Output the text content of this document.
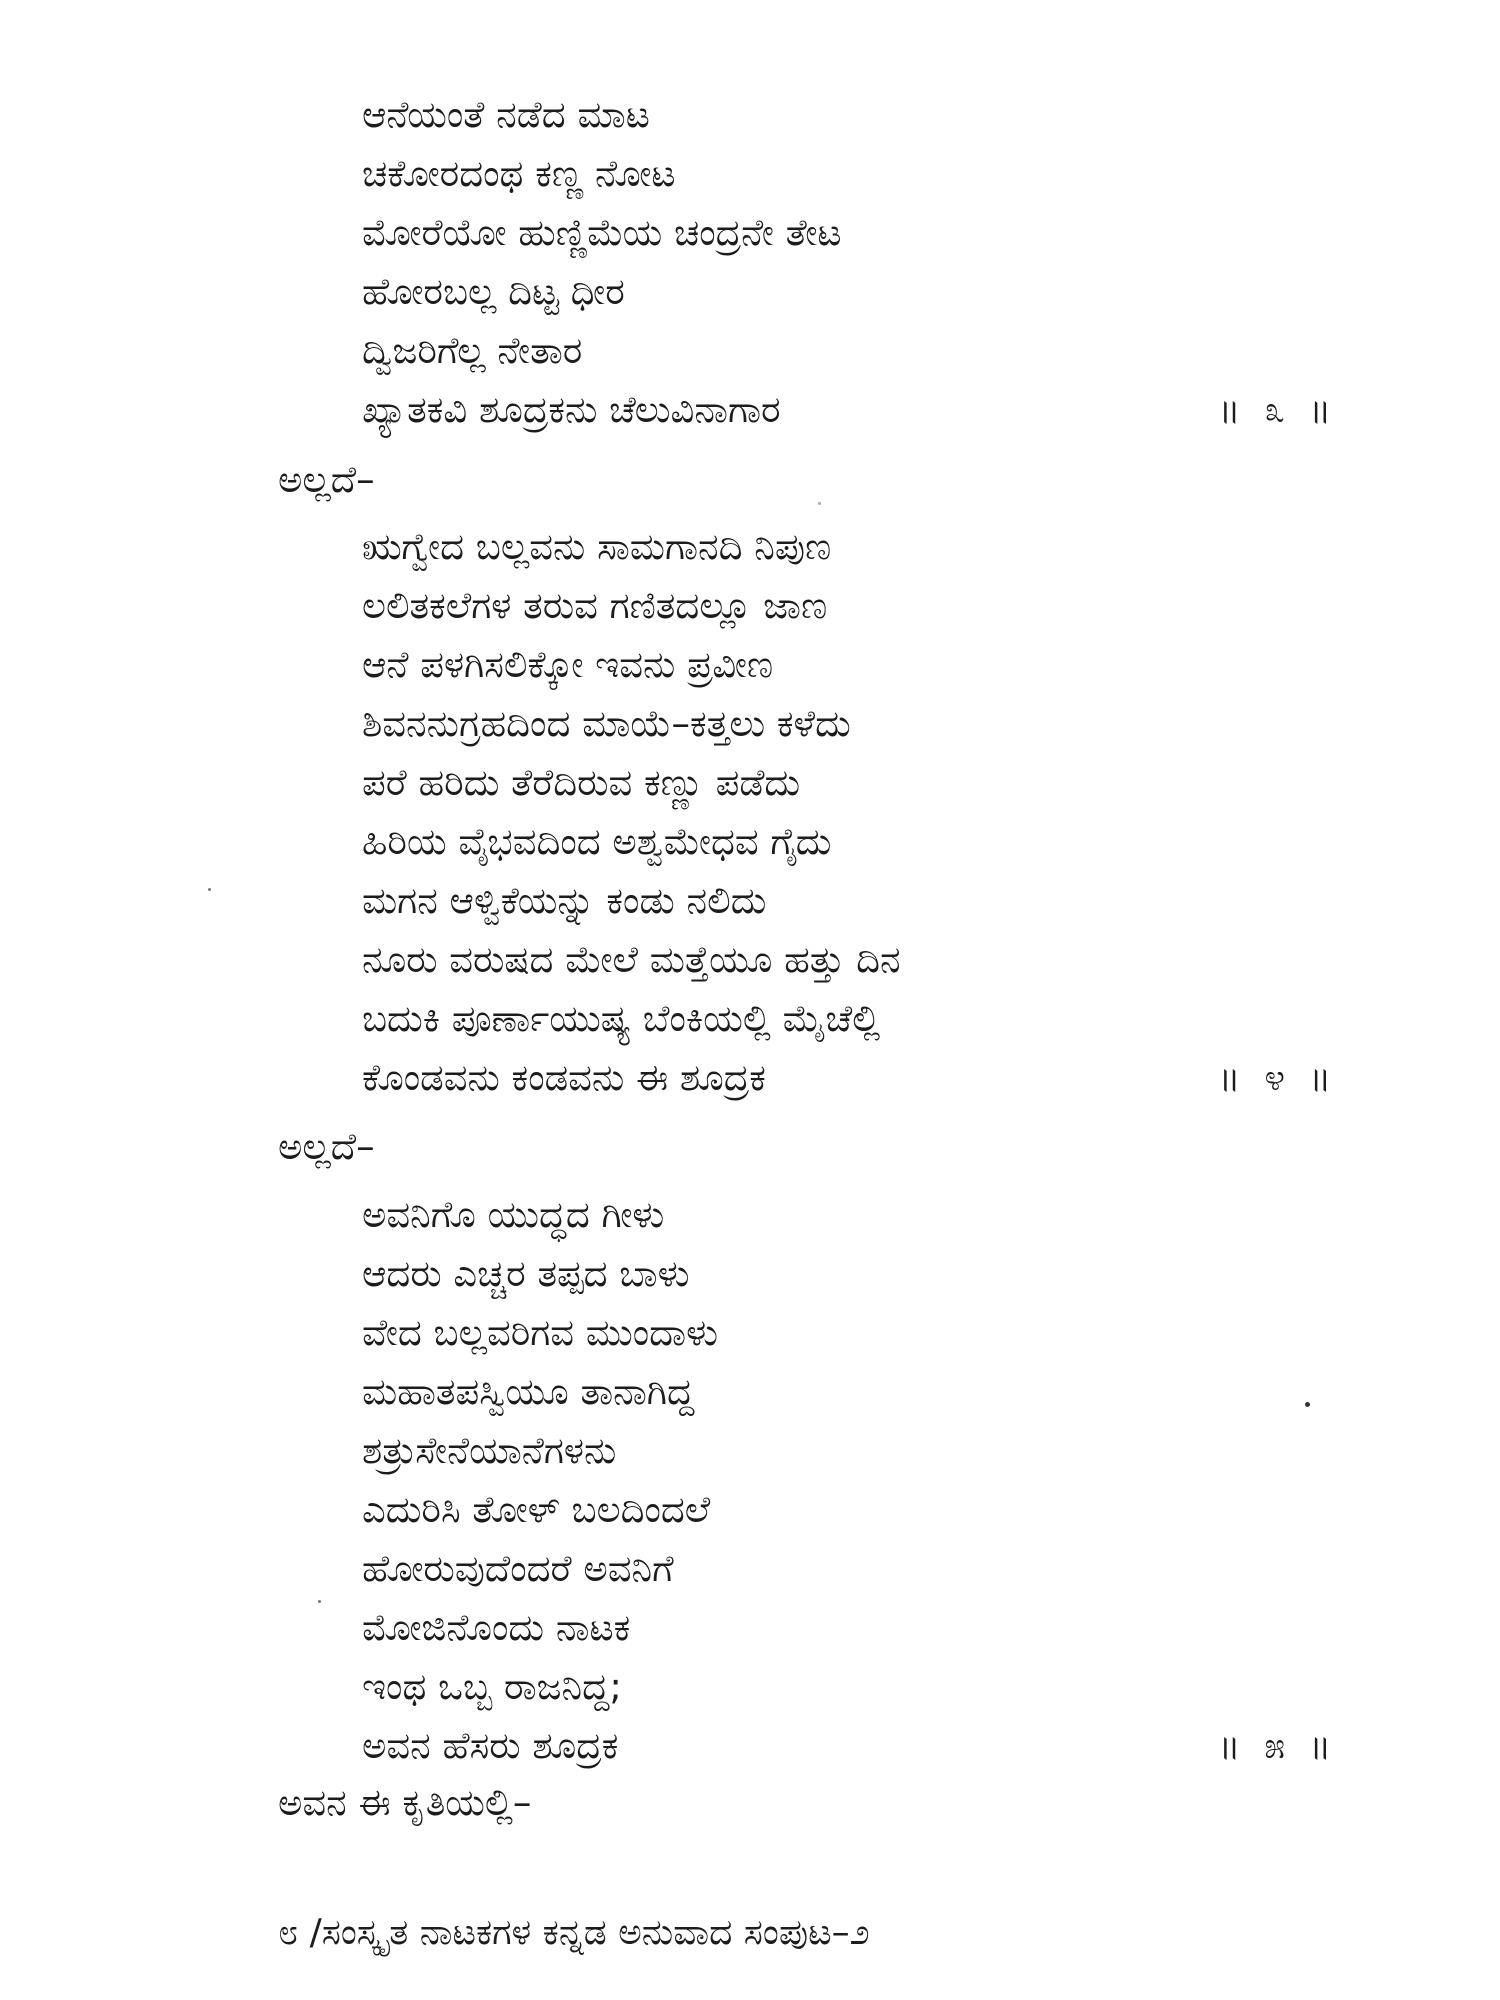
ಆನೆಯಂತೆ ನಡೆದ ಮಾಟ
ಚಕೋರದಂಥ ಕಣ್ಣ ನೋಟ
ಮೋರೆಯೋ ಹುಣ್ಣಿಮೆಯ ಚಂದ್ರನೇ ತೇಟ
ಹೋರಬಲ್ಲ ದಿಟ್ಟ ಧೀರ
ದ್ವಿಜರಿಗೆಲ್ಲ ನೇತಾರ
ಖ್ಯಾತಕವಿ ಶೂದ್ರಕನು ಚೆಲುವಿನಾಗಾರ	॥ ೩ ॥
ಅಲ್ಲದೆ–
ಋಗ್ವೇದ ಬಲ್ಲವನು ಸಾಮಗಾನದಿ ನಿಪುಣ
ಲಲಿತಕಲೆಗಳ ತರುವ ಗಣಿತದಲ್ಲೂ ಜಾಣ
ಆನೆ ಪಳಗಿಸಲಿಕ್ಕೋ ಇವನು ಪ್ರವೀಣ
ಶಿವನನುಗ್ರಹದಿಂದ ಮಾಯೆ–ಕತ್ತಲು ಕಳೆದು
ಪರೆ ಹರಿದು ತೆರೆದಿರುವ ಕಣ್ಣು ಪಡೆದು
ಹಿರಿಯ ವೈಭವದಿಂದ ಅಶ್ವಮೇಧವ ಗೈದು
ಮಗನ ಆಳ್ವಿಕೆಯನ್ನು ಕಂಡು ನಲಿದು
ನೂರು ವರುಷದ ಮೇಲೆ ಮತ್ತೆಯೂ ಹತ್ತು ದಿನ
ಬದುಕಿ ಪೂರ್ಣಾಯುಷ್ಯ ಬೆಂಕಿಯಲ್ಲಿ ಮೈಚೆಲ್ಲಿ
ಕೊಂಡವನು ಕಂಡವನು ಈ ಶೂದ್ರಕ	॥ ೪ ॥
ಅಲ್ಲದೆ–
ಅವನಿಗೊ ಯುದ್ಧದ ಗೀಳು
ಆದರು ಎಚ್ಚರ ತಪ್ಪದ ಬಾಳು
ವೇದ ಬಲ್ಲವರಿಗವ ಮುಂದಾಳು
ಮಹಾತಪಸ್ವಿಯೂ ತಾನಾಗಿದ್ದ
ಶತ್ರುಸೇನೆಯಾನೆಗಳನು
ಎದುರಿಸಿ ತೋಳ್ ಬಲದಿಂದಲೆ
ಹೋರುವುದೆಂದರೆ ಅವನಿಗೆ
ಮೋಜಿನೊಂದು ನಾಟಕ
ಇಂಥ ಒಬ್ಬ ರಾಜನಿದ್ದ;
ಅವನ ಹೆಸರು ಶೂದ್ರಕ	॥ ೫ ॥
ಅವನ ಈ ಕೃತಿಯಲ್ಲಿ–
೮ /ಸಂಸ್ಕೃತ ನಾಟಕಗಳ ಕನ್ನಡ ಅನುವಾದ ಸಂಪುಟ–೨
